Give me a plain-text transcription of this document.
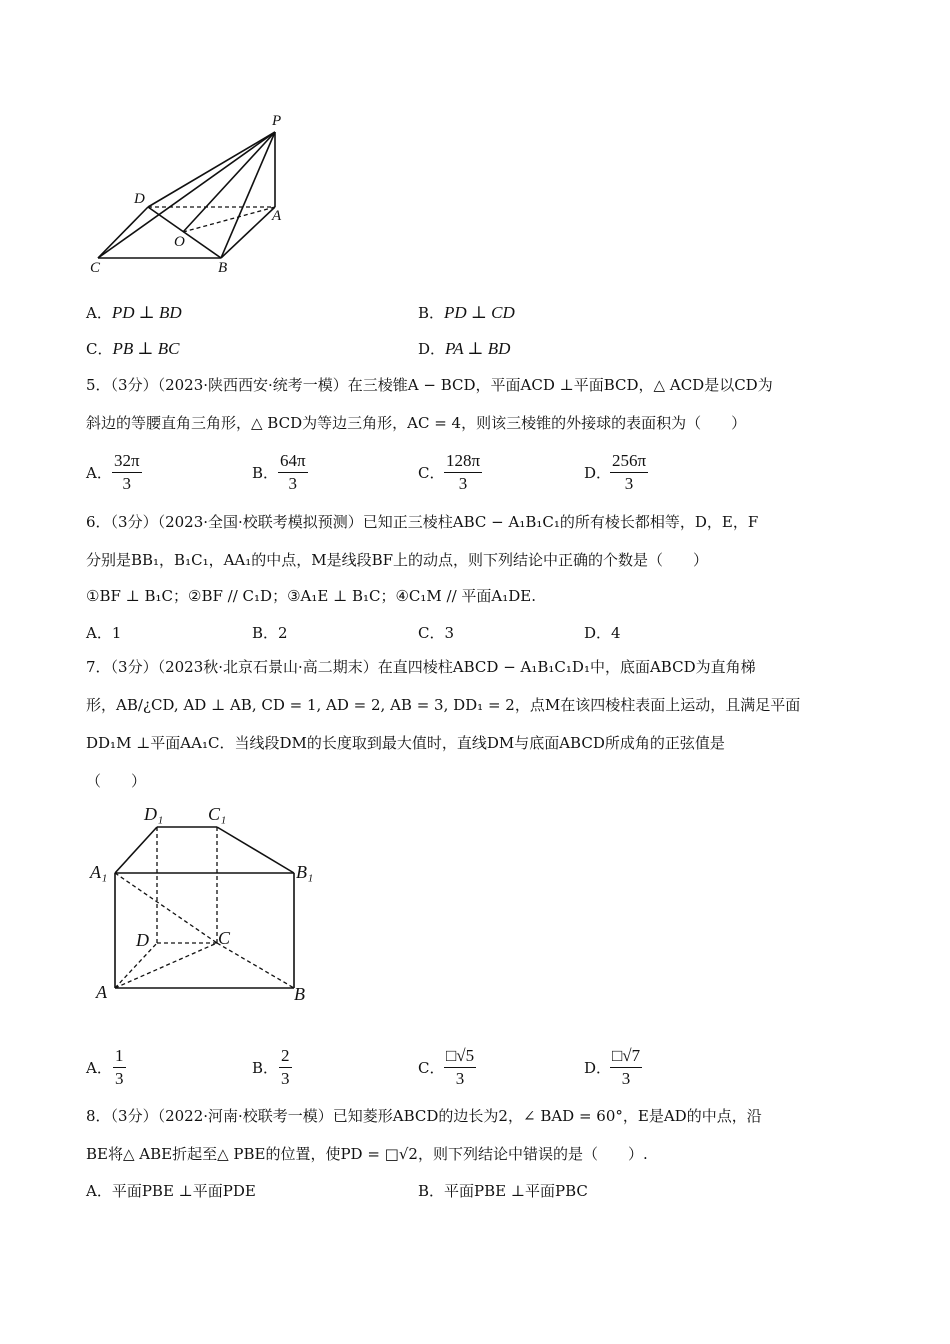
P
D
A
O
C	B
A．PD ⊥ BD	B．PD ⊥ CD
C．PB ⊥ BC	D．PA ⊥ BD
5．（3分）（2023·陕西西安·统考一模）在三棱锥A − BCD，平面ACD ⊥平面BCD，△ ACD是以CD为
斜边的等腰直角三角形，△ BCD为等边三角形，AC = 4，则该三棱锥的外接球的表面积为（　　）
A．
32π
3
B．
64π
3
C．
128π
3
D．
256π
3
6．（3分）（2023·全国·校联考模拟预测）已知正三棱柱ABC − A₁B₁C₁的所有棱长都相等，D，E，F
分别是BB₁，B₁C₁，AA₁的中点，M是线段BF上的动点，则下列结论中正确的个数是（　　）
①BF ⊥ B₁C；②BF // C₁D；③A₁E ⊥ B₁C；④C₁M // 平面A₁DE.
A．1	B．2	C．3	D．4
7．（3分）（2023秋·北京石景山·高二期末）在直四棱柱ABCD − A₁B₁C₁D₁中，底面ABCD为直角梯
形，AB/¿CD, AD ⊥ AB, CD = 1, AD = 2, AB = 3, DD₁ = 2，点M在该四棱柱表面上运动，且满足平面
DD₁M ⊥平面AA₁C．当线段DM的长度取到最大值时，直线DM与底面ABCD所成角的正弦值是
（　　）
D₁ C₁
A₁	B₁
D	C
A	B
A．
1
3
B．
2
3
C．
□√5
3
D．
□√7
3
8．（3分）（2022·河南·校联考一模）已知菱形ABCD的边长为2，∠ BAD = 60°，E是AD的中点，沿
BE将△ ABE折起至△ PBE的位置，使PD = □√2，则下列结论中错误的是（　　）.
A．平面PBE ⊥平面PDE	B．平面PBE ⊥平面PBC
